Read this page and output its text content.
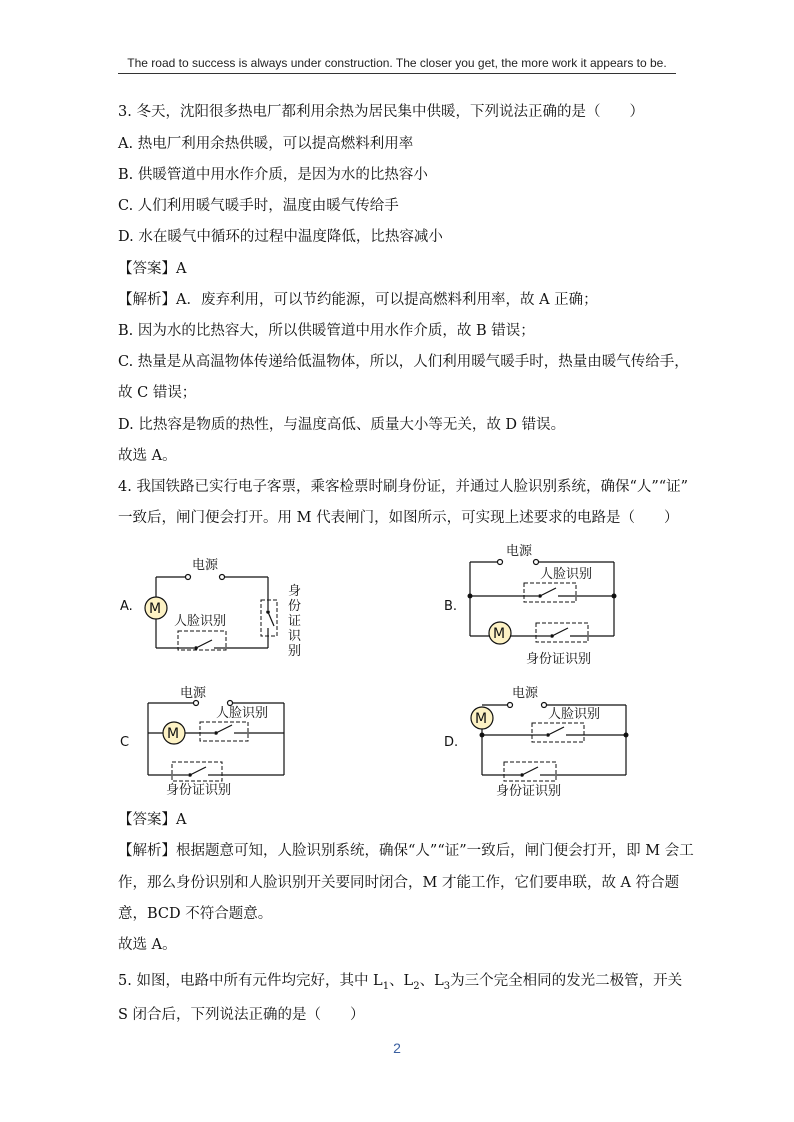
The road to success is always under construction. The closer you get, the more work it appears to be.
3. 冬天，沈阳很多热电厂都利用余热为居民集中供暖，下列说法正确的是（　　）
A. 热电厂利用余热供暖，可以提高燃料利用率
B. 供暖管道中用水作介质，是因为水的比热容小
C. 人们利用暖气暖手时，温度由暖气传给手
D. 水在暖气中循环的过程中温度降低，比热容减小
【答案】A
【解析】A．废弃利用，可以节约能源，可以提高燃料利用率，故 A 正确；
B. 因为水的比热容大，所以供暖管道中用水作介质，故 B 错误；
C. 热量是从高温物体传递给低温物体，所以，人们利用暖气暖手时，热量由暖气传给手，
故 C 错误；
D. 比热容是物质的热性，与温度高低、质量大小等无关，故 D 错误。
故选 A。
4. 我国铁路已实行电子客票，乘客检票时刷身份证，并通过人脸识别系统，确保“人”“证”
一致后，闸门便会打开。用 M 代表闸门，如图所示，可实现上述要求的电路是（　　）
A.
电源
M
人脸识别
身
份
证
识
别
B.
电源
人脸识别
M
身份证识别
C
电源
M
人脸识别
身份证识别
D.
电源
M	人脸识别
身份证识别
【答案】A
【解析】根据题意可知，人脸识别系统，确保“人”“证”一致后，闸门便会打开，即 M 会工
作，那么身份识别和人脸识别开关要同时闭合，M 才能工作，它们要串联，故 A 符合题
意，BCD 不符合题意。
故选 A。
5. 如图，电路中所有元件均完好，其中 $L_1$、$L_2$、$L_3$为三个完全相同的发光二极管，开关
S 闭合后，下列说法正确的是（　　）
2
